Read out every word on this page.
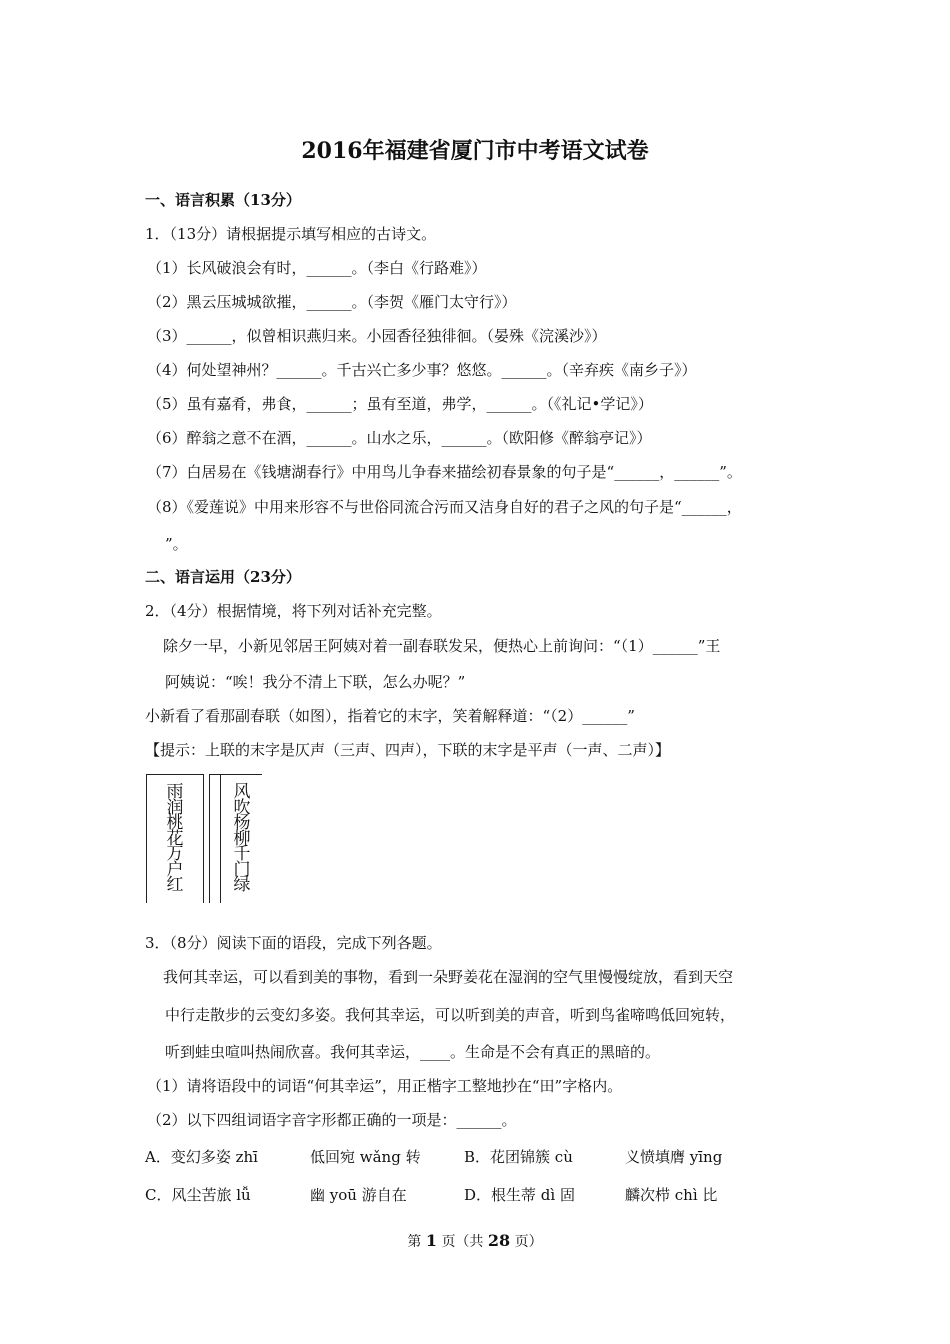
2016年福建省厦门市中考语文试卷
一、语言积累（13分）
1．（13分）请根据提示填写相应的古诗文。
（1）长风破浪会有时，______。（李白《行路难》）
（2）黑云压城城欲摧，______。（李贺《雁门太守行》）
（3）______，似曾相识燕归来。小园香径独徘徊。（晏殊《浣溪沙》）
（4）何处望神州？______。千古兴亡多少事？悠悠。______。（辛弃疾《南乡子》）
（5）虽有嘉肴，弗食，______；虽有至道，弗学，______。（《礼记•学记》）
（6）醉翁之意不在酒，______。山水之乐，______。（欧阳修《醉翁亭记》）
（7）白居易在《钱塘湖春行》中用鸟儿争春来描绘初春景象的句子是“______，______”。
（8）《爱莲说》中用来形容不与世俗同流合污而又洁身自好的君子之风的句子是“______，
”。
二、语言运用（23分）
2．（4分）根据情境，将下列对话补充完整。
除夕一早，小新见邻居王阿姨对着一副春联发呆，便热心上前询问：“（1）______”王
阿姨说：“唉！我分不清上下联，怎么办呢？”
小新看了看那副春联（如图），指着它的末字，笑着解释道：“（2）______”
【提示：上联的末字是仄声（三声、四声），下联的末字是平声（一声、二声）】
雨润桃花万户红
风吹杨柳千门绿
3．（8分）阅读下面的语段，完成下列各题。
我何其幸运，可以看到美的事物，看到一朵野姜花在湿润的空气里慢慢绽放，看到天空
中行走散步的云变幻多姿。我何其幸运，可以听到美的声音，听到鸟雀啼鸣低回宛转，
听到蛙虫喧叫热闹欣喜。我何其幸运，____。生命是不会有真正的黑暗的。
（1）请将语段中的词语“何其幸运”，用正楷字工整地抄在“田”字格内。
（2）以下四组词语字音字形都正确的一项是：______。
A．变幻多姿 zhī	低回宛 wǎng 转	B．花团锦簇 cù	义愤填膺 yīng
C．风尘苦旅 lǚ	幽 yoū 游自在	D．根生蒂 dì 固	麟次栉 chì 比
第 1 页（共 28 页）
